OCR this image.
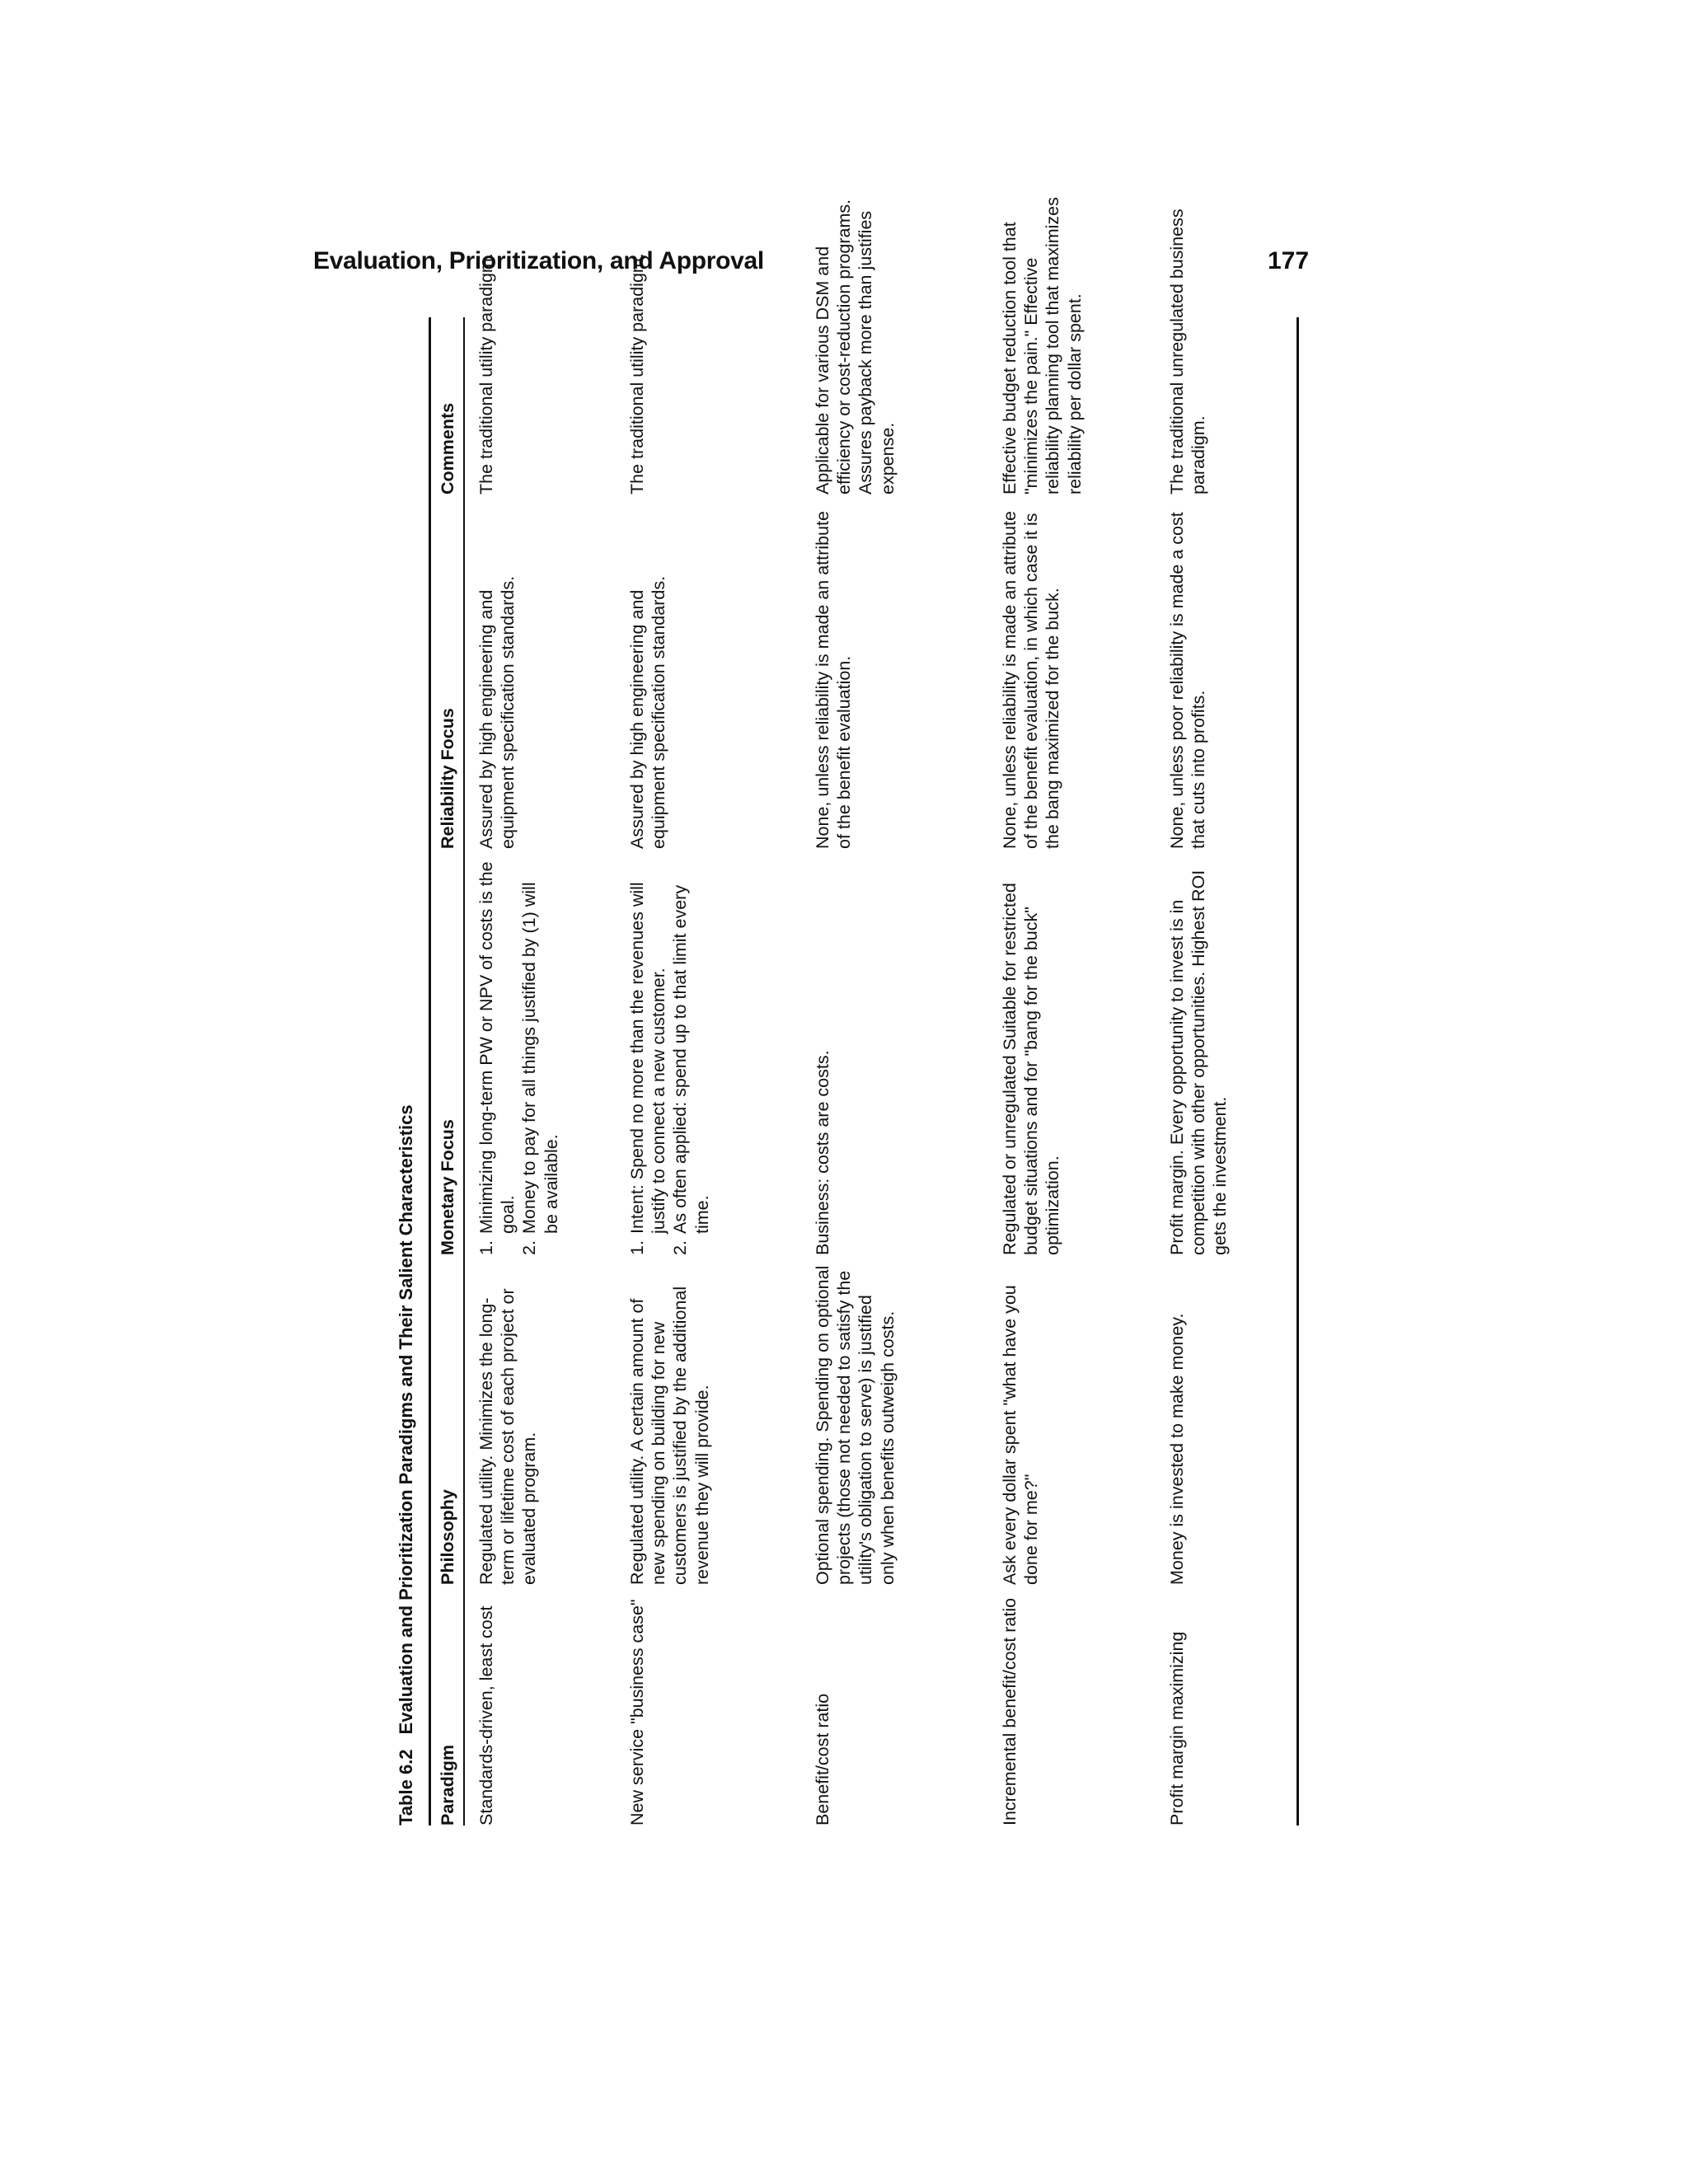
Evaluation, Prioritization, and Approval	177
Table 6.2Evaluation and Prioritization Paradigms and Their Salient Characteristics
Paradigm
Philosophy
Monetary Focus
Reliability Focus
Comments
Standards-driven, least cost
Regulated utility. Minimizes the long-term or lifetime cost of each project or evaluated program.
1.
Minimizing long-term PW or NPV of costs is the goal.
2.
Money to pay for all things justified by (1) will be available.
Assured by high engineering and equipment specification standards.
The traditional utility paradigm.
New service "business case"
Regulated utility. A certain amount of new spending on building for new customers is justified by the additional revenue they will provide.
1.
Intent: Spend no more than the revenues will justify to connect a new customer.
2.
As often applied: spend up to that limit every time.
Assured by high engineering and equipment specification standards.
The traditional utility paradigm.
Benefit/cost ratio
Optional spending. Spending on optional projects (those not needed to satisfy the utility's obligation to serve) is justified only when benefits outweigh costs.
Business: costs are costs.
None, unless reliability is made an attribute of the benefit evaluation.
Applicable for various DSM and efficiency or cost-reduction programs. Assures payback more than justifies expense.
Incremental benefit/cost ratio
Ask every dollar spent "what have you done for me?"
Regulated or unregulated Suitable for restricted budget situations and for "bang for the buck" optimization.
None, unless reliability is made an attribute of the benefit evaluation, in which case it is the bang maximized for the buck.
Effective budget reduction tool that "minimizes the pain." Effective reliability planning tool that maximizes reliability per dollar spent.
Profit margin maximizing
Money is invested to make money.
Profit margin. Every opportunity to invest is in competition with other opportunities. Highest ROI gets the investment.
None, unless poor reliability is made a cost that cuts into profits.
The traditional unregulated business paradigm.
